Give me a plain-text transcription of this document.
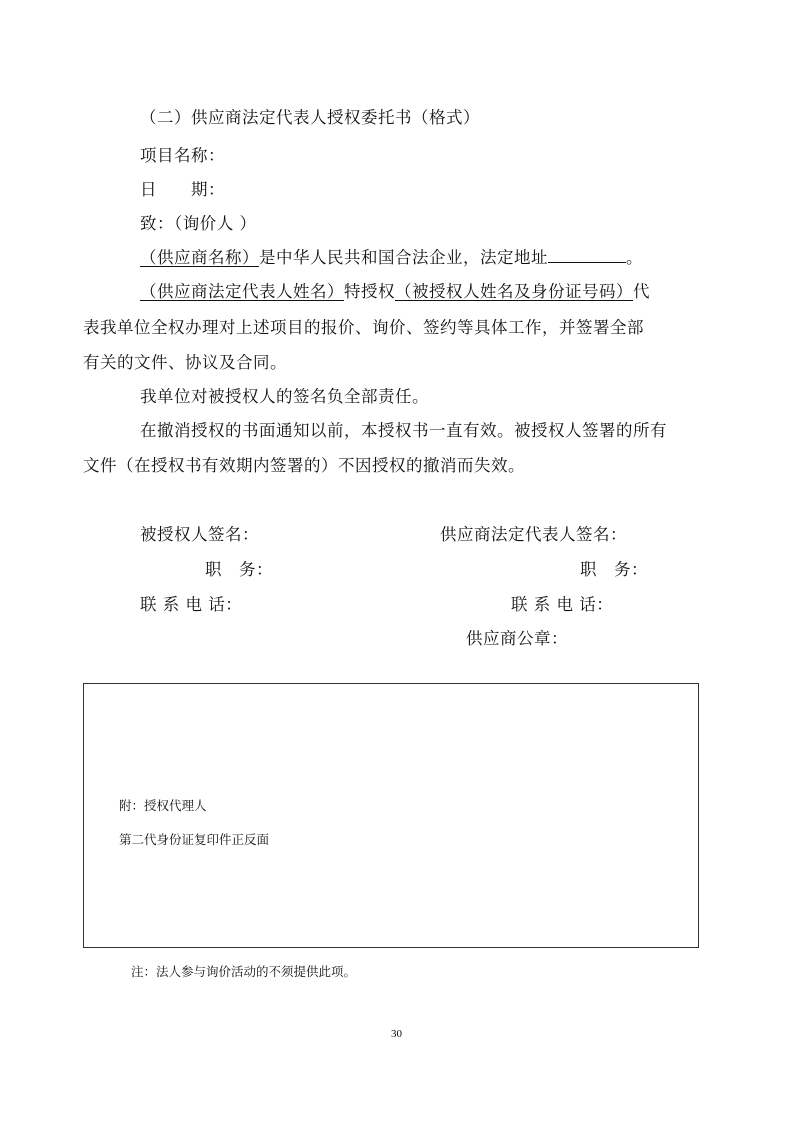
（二）供应商法定代表人授权委托书（格式）
项目名称：
日　　期：
致：（询价人 ）
（供应商名称）是中华人民共和国合法企业，法定地址	。
（供应商法定代表人姓名）特授权（被授权人姓名及身份证号码）代
表我单位全权办理对上述项目的报价、询价、签约等具体工作，并签署全部
有关的文件、协议及合同。
我单位对被授权人的签名负全部责任。
在撤消授权的书面通知以前，本授权书一直有效。被授权人签署的所有
文件（在授权书有效期内签署的）不因授权的撤消而失效。
被授权人签名：	供应商法定代表人签名：
职　务：	职　务：
联 系 电 话：	联 系 电 话：
供应商公章：
附：授权代理人
第二代身份证复印件正反面
注：法人参与询价活动的不须提供此项。
30
